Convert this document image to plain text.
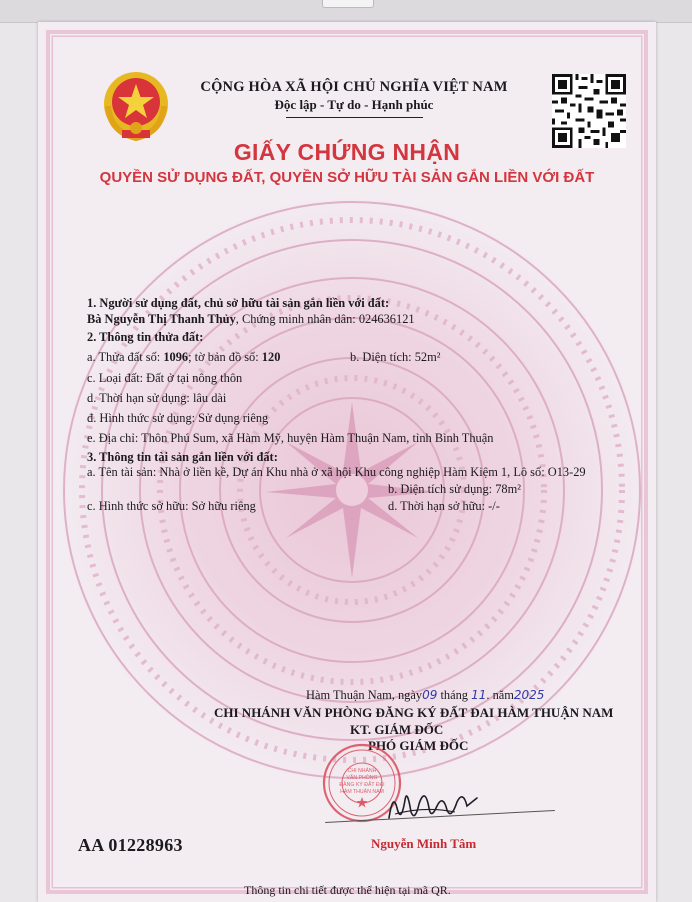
CỘNG HÒA XÃ HỘI CHỦ NGHĨA VIỆT NAM
Độc lập - Tự do - Hạnh phúc
GIẤY CHỨNG NHẬN
QUYỀN SỬ DỤNG ĐẤT, QUYỀN SỞ HỮU TÀI SẢN GẮN LIỀN VỚI ĐẤT
1. Người sử dụng đất, chủ sở hữu tài sản gắn liền với đất:
Bà Nguyễn Thị Thanh Thủy, Chứng minh nhân dân: 024636121
2. Thông tin thửa đất:
a. Thửa đất số: 1096; tờ bản đồ số: 120	b. Diện tích: 52m²
c. Loại đất: Đất ở tại nông thôn
d. Thời hạn sử dụng: lâu dài
đ. Hình thức sử dụng: Sử dụng riêng
e. Địa chỉ: Thôn Phú Sum, xã Hàm Mỹ, huyện Hàm Thuận Nam, tỉnh Bình Thuận
3. Thông tin tài sản gắn liền với đất:
a. Tên tài sản: Nhà ở liền kề, Dự án Khu nhà ở xã hội Khu công nghiệp Hàm Kiệm 1, Lô số: O13-29
b. Diện tích sử dụng: 78m²
c. Hình thức sở hữu: Sở hữu riêng	d. Thời hạn sở hữu: -/-
Hàm Thuận Nam, ngày09 tháng 11. năm2025
CHI NHÁNH VĂN PHÒNG ĐĂNG KÝ ĐẤT ĐAI HÀM THUẬN NAM
KT. GIÁM ĐỐC
PHÓ GIÁM ĐỐC
CHI NHÁNH
VĂN PHÒNG
ĐĂNG KÝ ĐẤT ĐAI
HÀM THUẬN NAM
Nguyễn Minh Tâm
AA 01228963
Thông tin chi tiết được thể hiện tại mã QR.
